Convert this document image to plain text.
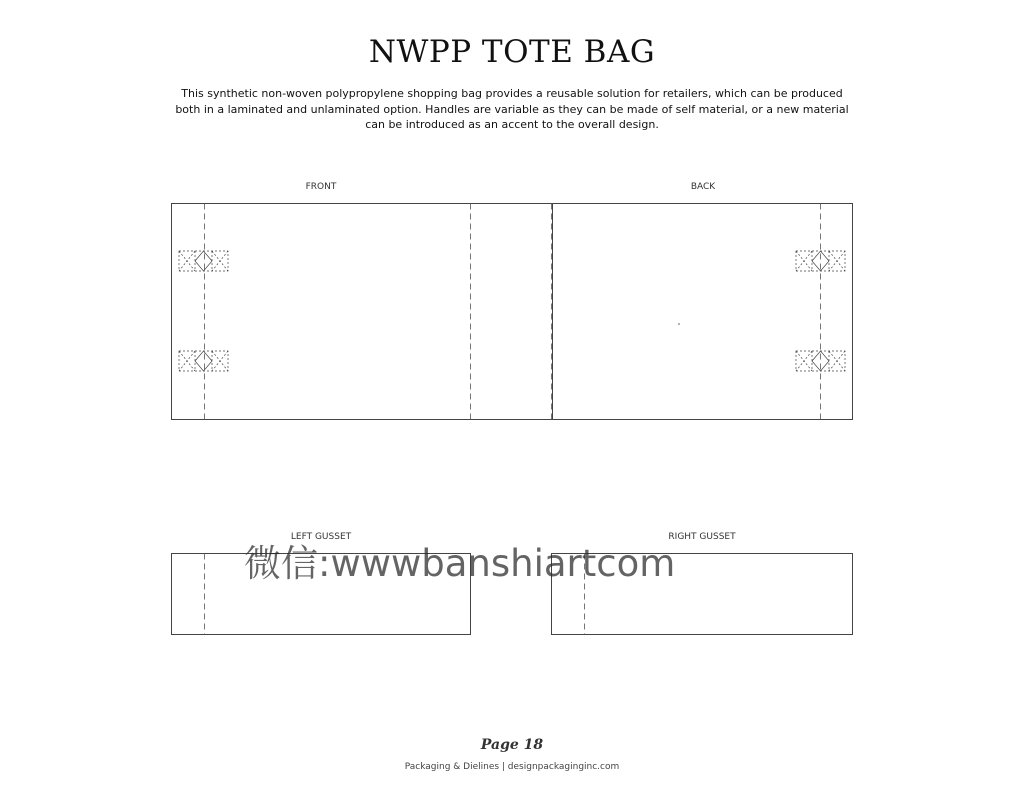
NWPP TOTE BAG
This synthetic non-woven polypropylene shopping bag provides a reusable solution for retailers, which can be produced both in a laminated and unlaminated option. Handles are variable as they can be made of self material, or a new material can be introduced as an accent to the overall design.
FRONT	BACK
LEFT GUSSET	RIGHT GUSSET
微信:wwwbanshiartcom
Page 18
Packaging & Dielines | designpackaginginc.com
